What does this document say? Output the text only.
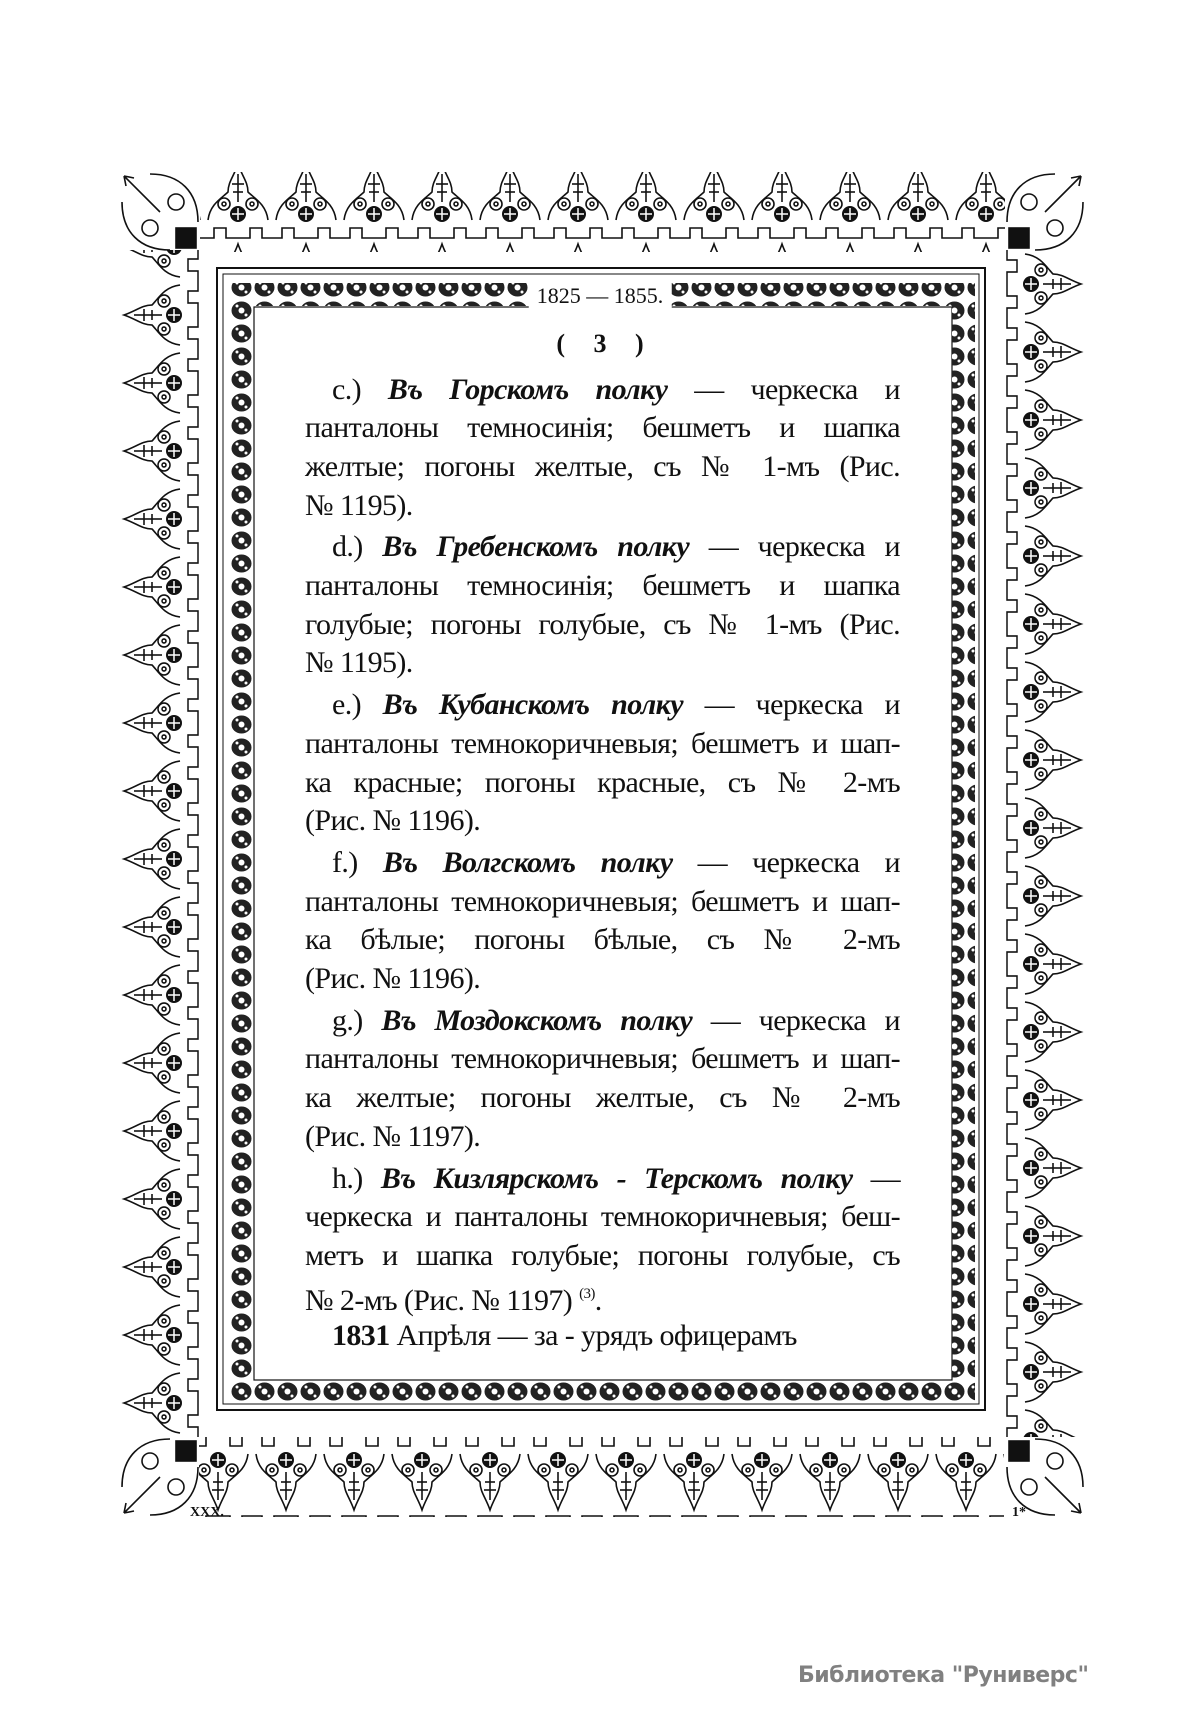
1825 — 1855.
( 3 )
c.) Въ Горскомъ полку — черкеска и
панталоны темносинія; бешметъ и шапка
желтые; погоны желтые, съ № 1-мъ (Рис.
№ 1195).
d.) Въ Гребенскомъ полку — черкеска и
панталоны темносинія; бешметъ и шапка
голубые; погоны голубые, съ № 1-мъ (Рис.
№ 1195).
e.) Въ Кубанскомъ полку — черкеска и
панталоны темнокоричневыя; бешметъ и шап-
ка красные; погоны красные, съ № 2-мъ
(Рис. № 1196).
f.) Въ Волгскомъ полку — черкеска и
панталоны темнокоричневыя; бешметъ и шап-
ка бѣлые; погоны бѣлые, съ № 2-мъ
(Рис. № 1196).
g.) Въ Моздокскомъ полку — черкеска и
панталоны темнокоричневыя; бешметъ и шап-
ка желтые; погоны желтые, съ № 2-мъ
(Рис. № 1197).
h.) Въ Кизлярскомъ - Терскомъ полку —
черкеска и панталоны темнокоричневыя; беш-
метъ и шапка голубые; погоны голубые, съ
№ 2-мъ (Рис. № 1197) $^{(3)}$.
1831 Апрѣля — за - урядъ офицерамъ
XXX.	1*
Библиотека "Руниверс"
